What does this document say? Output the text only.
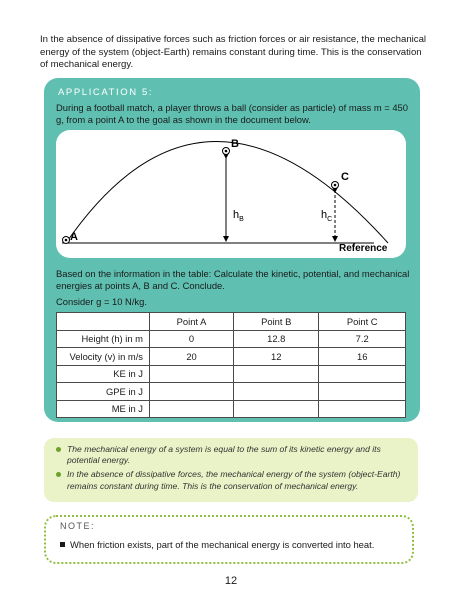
In the absence of dissipative forces such as friction forces or air resistance, the mechanical energy of the system (object-Earth) remains constant during time. This is the conservation of mechanical energy.

APPLICATION 5:

During a football match, a player throws a ball (consider as particle) of mass m = 450 g, from a point A to the goal as shown in the document below.

A
B
C
$h_B$	$h_C$
Reference

Based on the information in the table: Calculate the kinetic, potential, and mechanical energies at points A, B and C. Conclude.

Consider g = 10 N/kg.

	Point A	Point B	Point C
Height (h) in m	0	12.8	7.2
Velocity (v) in m/s	20	12	16
KE in J			
GPE in J			
ME in J			
The mechanical energy of a system is equal to the sum of its kinetic energy and its potential energy.
In the absence of dissipative forces, the mechanical energy of the system (object-Earth) remains constant during time. This is the conservation of mechanical energy.

NOTE:

When friction exists, part of the mechanical energy is converted into heat.

12
